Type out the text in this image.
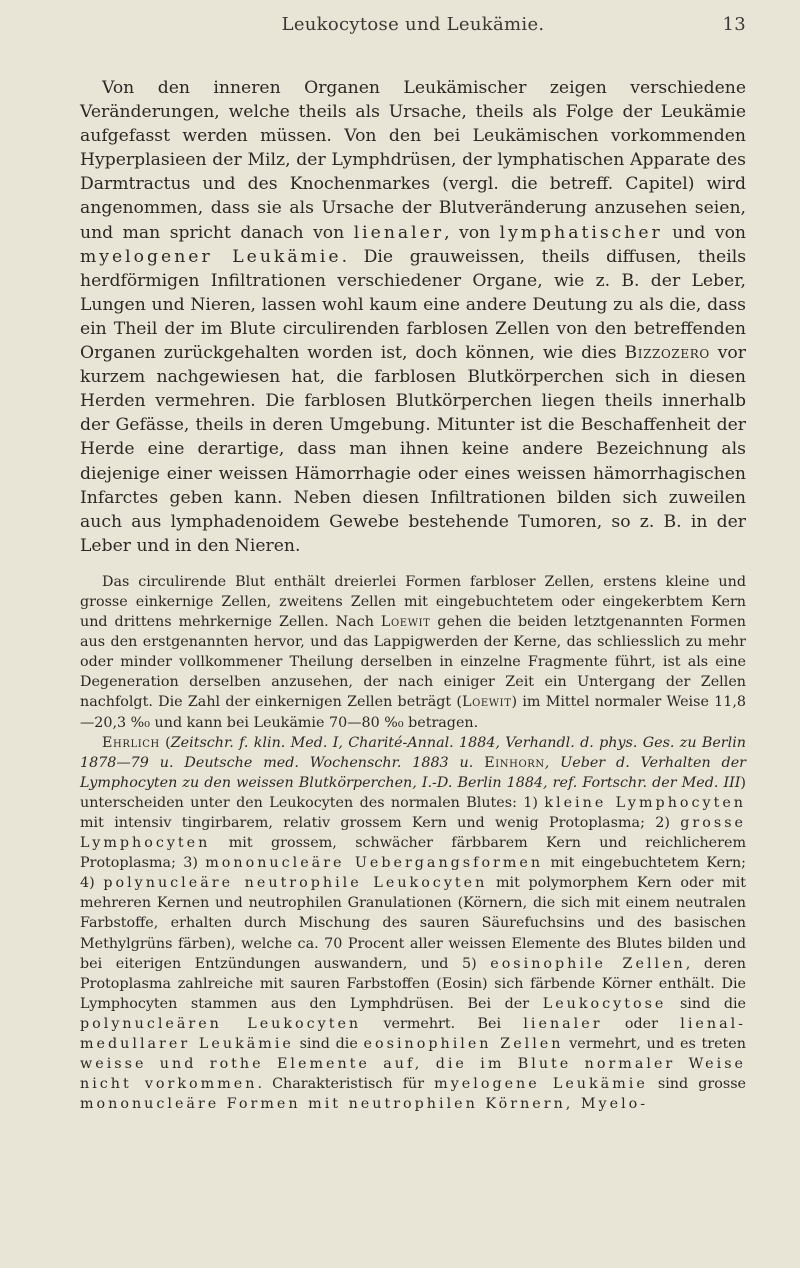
Leukocytose und Leukämie.	13

Von den inneren Organen Leukämischer zeigen verschiedene Veränderungen, welche theils als Ursache, theils als Folge der Leukämie aufgefasst werden müssen. Von den bei Leukämischen vorkommenden Hyperplasieen der Milz, der Lymphdrüsen, der lymphatischen Apparate des Darmtractus und des Knochenmarkes (vergl. die betreff. Capitel) wird angenommen, dass sie als Ursache der Blutveränderung anzusehen seien, und man spricht danach von lienaler, von lymphatischer und von myelogener Leukämie. Die grauweissen, theils diffusen, theils herdförmigen Infiltrationen verschiedener Organe, wie z. B. der Leber, Lungen und Nieren, lassen wohl kaum eine andere Deutung zu als die, dass ein Theil der im Blute circulirenden farblosen Zellen von den betreffenden Organen zurückgehalten worden ist, doch können, wie dies Bizzozero vor kurzem nachgewiesen hat, die farblosen Blutkörperchen sich in diesen Herden vermehren. Die farblosen Blutkörperchen liegen theils innerhalb der Gefässe, theils in deren Umgebung. Mitunter ist die Beschaffenheit der Herde eine derartige, dass man ihnen keine andere Bezeichnung als diejenige einer weissen Hämorrhagie oder eines weissen hämorrhagischen Infarctes geben kann. Neben diesen Infiltrationen bilden sich zuweilen auch aus lymphadenoidem Gewebe bestehende Tumoren, so z. B. in der Leber und in den Nieren.

Das circulirende Blut enthält dreierlei Formen farbloser Zellen, erstens kleine und grosse einkernige Zellen, zweitens Zellen mit eingebuchtetem oder eingekerbtem Kern und drittens mehrkernige Zellen. Nach Loewit gehen die beiden letztgenannten Formen aus den erstgenannten hervor, und das Lappigwerden der Kerne, das schliesslich zu mehr oder minder vollkommener Theilung derselben in einzelne Fragmente führt, ist als eine Degeneration derselben anzusehen, der nach einiger Zeit ein Untergang der Zellen nachfolgt. Die Zahl der einkernigen Zellen beträgt (Loewit) im Mittel normaler Weise 11,8—20,3 %₀ und kann bei Leukämie 70—80 %₀ betragen.

Ehrlich (Zeitschr. f. klin. Med. I, Charité-Annal. 1884, Verhandl. d. phys. Ges. zu Berlin 1878—79 u. Deutsche med. Wochenschr. 1883 u. Einhorn, Ueber d. Verhalten der Lymphocyten zu den weissen Blutkörperchen, I.-D. Berlin 1884, ref. Fortschr. der Med. III) unterscheiden unter den Leukocyten des normalen Blutes: 1) kleine Lymphocyten mit intensiv tingirbarem, relativ grossem Kern und wenig Protoplasma; 2) grosse Lymphocyten mit grossem, schwächer färbbarem Kern und reichlicherem Protoplasma; 3) mononucleäre Uebergangsformen mit eingebuchtetem Kern; 4) polynucleäre neutrophile Leukocyten mit polymorphem Kern oder mit mehreren Kernen und neutrophilen Granulationen (Körnern, die sich mit einem neutralen Farbstoffe, erhalten durch Mischung des sauren Säurefuchsins und des basischen Methylgrüns färben), welche ca. 70 Procent aller weissen Elemente des Blutes bilden und bei eiterigen Entzündungen auswandern, und 5) eosinophile Zellen, deren Protoplasma zahlreiche mit sauren Farbstoffen (Eosin) sich färbende Körner enthält. Die Lymphocyten stammen aus den Lymphdrüsen. Bei der Leukocytose sind die polynucleären Leukocyten vermehrt. Bei lienaler oder lienal-medullarer Leukämie sind die eosinophilen Zellen vermehrt, und es treten weisse und rothe Elemente auf, die im Blute normaler Weise nicht vorkommen. Charakteristisch für myelogene Leukämie sind grosse mononucleäre Formen mit neutrophilen Körnern, Myelo-
